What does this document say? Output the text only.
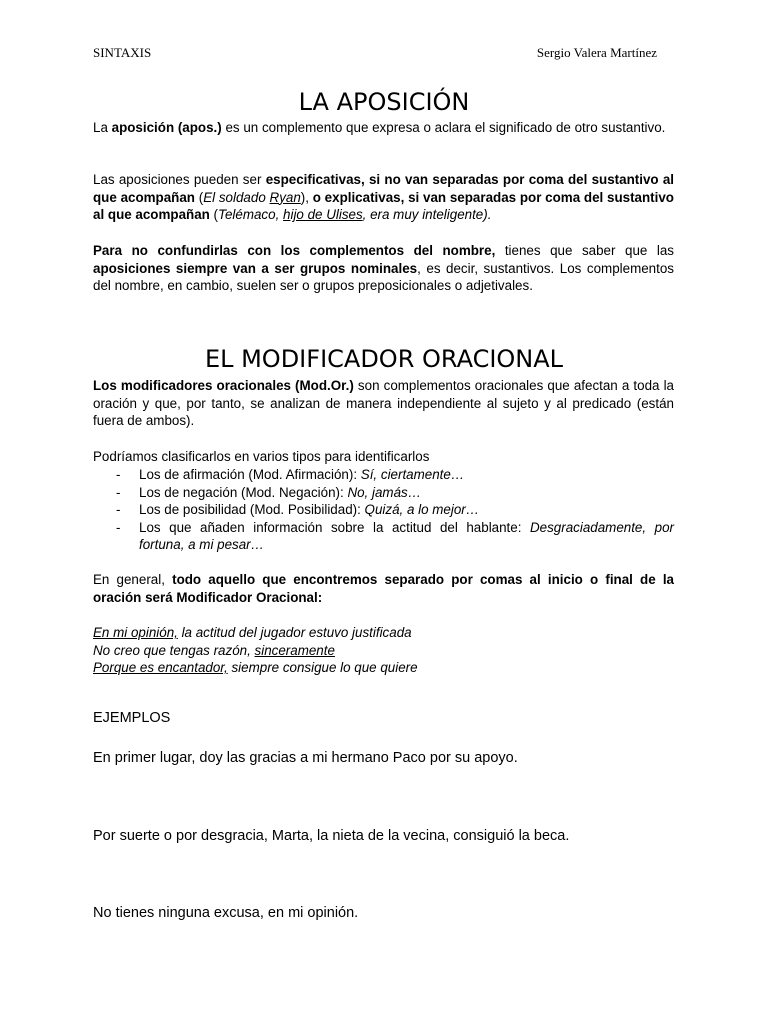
SINTAXIS	Sergio Valera Martínez
LA APOSICIÓN
La aposición (apos.) es un complemento que expresa o aclara el significado de otro sustantivo.
Las aposiciones pueden ser especificativas, si no van separadas por coma del sustantivo al que acompañan (El soldado Ryan), o explicativas, si van separadas por coma del sustantivo al que acompañan (Telémaco, hijo de Ulises, era muy inteligente).
Para no confundirlas con los complementos del nombre, tienes que saber que las aposiciones siempre van a ser grupos nominales, es decir, sustantivos. Los complementos del nombre, en cambio, suelen ser o grupos preposicionales o adjetivales.
EL MODIFICADOR ORACIONAL
Los modificadores oracionales (Mod.Or.) son complementos oracionales que afectan a toda la oración y que, por tanto, se analizan de manera independiente al sujeto y al predicado (están fuera de ambos).
Podríamos clasificarlos en varios tipos para identificarlos
-	Los de afirmación (Mod. Afirmación): Sí, ciertamente…
-	Los de negación (Mod. Negación): No, jamás…
-	Los de posibilidad (Mod. Posibilidad): Quizá, a lo mejor…
-	Los que añaden información sobre la actitud del hablante: Desgraciadamente, por fortuna, a mi pesar…
En general, todo aquello que encontremos separado por comas al inicio o final de la oración será Modificador Oracional:
En mi opinión, la actitud del jugador estuvo justificada
No creo que tengas razón, sinceramente
Porque es encantador, siempre consigue lo que quiere
EJEMPLOS
En primer lugar, doy las gracias a mi hermano Paco por su apoyo.
Por suerte o por desgracia, Marta, la nieta de la vecina, consiguió la beca.
No tienes ninguna excusa, en mi opinión.
